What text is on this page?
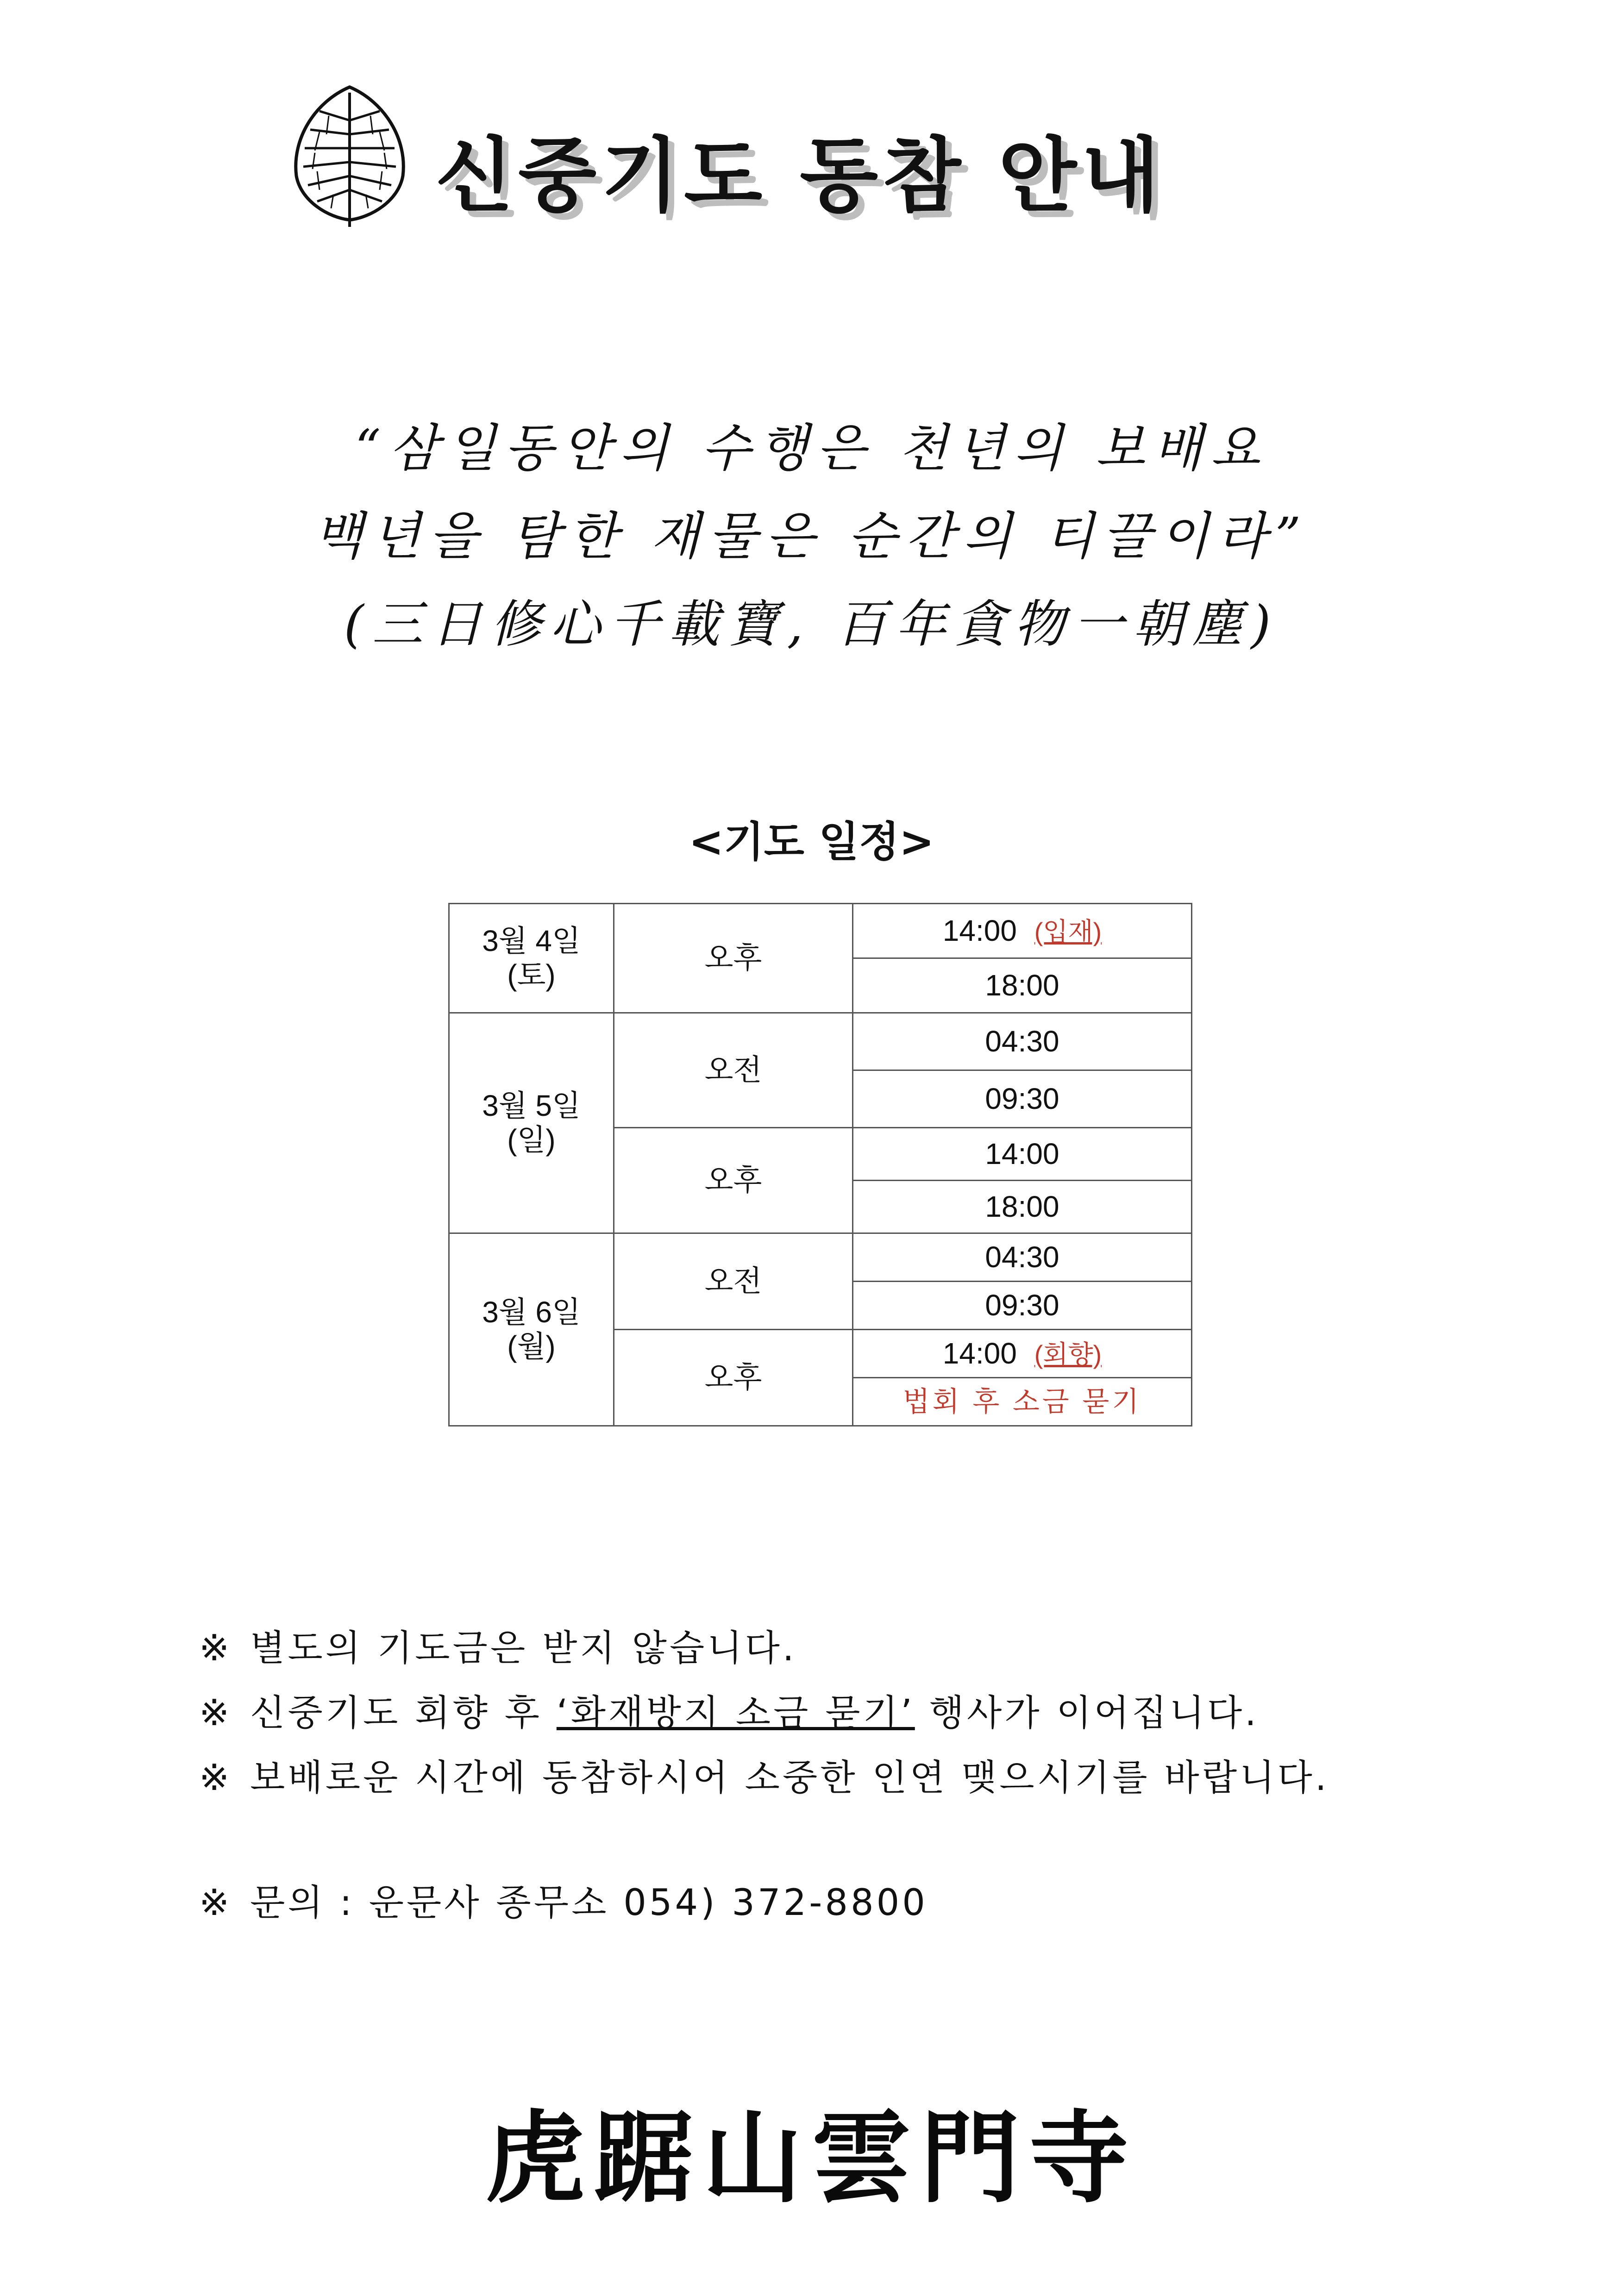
신중기도 동참 안내
“삼일동안의 수행은 천년의 보배요
백년을 탐한 재물은 순간의 티끌이라”
(三日修心千載寶, 百年貪物一朝塵)
<기도 일정>
3월 4일
(토)	오후	14:00 (입재)
		18:00

3월 5일
(일)	오전	04:30
		09:30
	오후	14:00
		18:00

3월 6일
(월)	오전	04:30
		09:30
	오후	14:00 (회향)
		법회 후 소금 묻기
※ 별도의 기도금은 받지 않습니다.
※ 신중기도 회향 후 ‘화재방지 소금 묻기’ 행사가 이어집니다.
※ 보배로운 시간에 동참하시어 소중한 인연 맺으시기를 바랍니다.
※ 문의 : 운문사 종무소 054) 372-8800
虎踞山雲門寺
